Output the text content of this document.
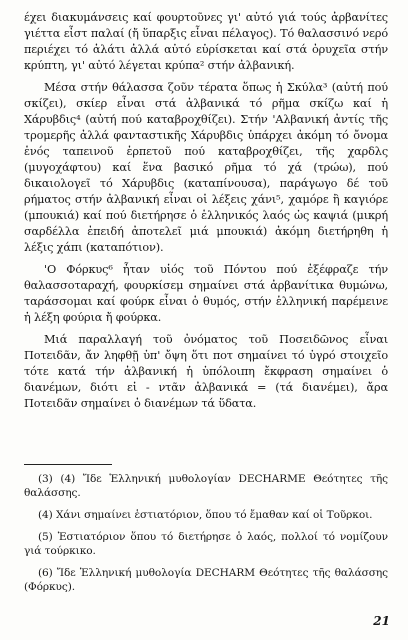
έχει διακυμάνσεις καί φουρτοῦνες γι' αὐτό γιά τούς ἀρβανίτες γιέττα εἶστ παλαί (ἤ ὕπαρξις εἶναι πέλαγος). Τό θαλασσινό νερό περιέχει τό ἁλάτι ἀλλά αὐτό εὑρίσκεται καί στά ὀρυχεῖα στήν κρύπτη, γι' αὐτό λέγεται κρύπα² στήν ἀλβανική.

Μέσα στήν θάλασσα ζοῦν τέρατα ὅπως ἡ Σκύλα³ (αὐτή πού σκίζει), σκίερ εἶναι στά ἀλβανικά τό ρῆμα σκίζω καί ἡ Χάρυβδις⁴ (αὐτή πού καταβροχθίζει). Στήν 'Αλβανική ἀντίς τῆς τρομερῆς ἀλλά φανταστικῆς Χάρυβδις ὑπάρχει ἀκόμη τό ὄνομα ἑνός ταπεινοῦ ἑρπετοῦ πού καταβροχθίζει, τῆς χαρδλς (μυγοχάφτου) καί ἕνα βασικό ρῆμα τό χά (τρώω), πού δικαιολογεῖ τό Χάρυβδις (καταπίνουσα), παράγωγο δέ τοῦ ρήματος στήν ἀλβανική εἶναι οἱ λέξεις χάνι⁵, χαμόρε ἢ καγιόρε (μπουκιά) καί πού διετήρησε ὁ ἑλληνικός λαός ὡς καψιά (μικρή σαρδέλλα ἐπειδή ἀποτελεῖ μιά μπουκιά) ἀκόμη διετήρηθη ἡ λέξις χάπι (καταπότιον).

'Ο Φόρκυς⁶ ἦταν υἱός τοῦ Πόντου πού ἐξέφραζε τήν θαλασσοταραχή, φουρκίσεμ σημαίνει στά ἀρβανίτικα θυμώνω, ταράσσομαι καί φούρκ εἶναι ὁ θυμός, στήν ἑλληνική παρέμεινε ἡ λέξη φούρια ἤ φούρκα.

Μιά παραλλαγή τοῦ ὀνόματος τοῦ Ποσειδῶνος εἶναι Ποτειδᾶν, ἄν ληφθῇ ὑπ' ὄψη ὅτι ποτ σημαίνει τό ὑγρό στοιχεῖο τότε κατά τήν ἀλβανική ἡ ὑπόλοιπη ἔκφραση σημαίνει ὁ διανέμων, διότι εἰ - ντᾶν ἀλβανικά = (τά διανέμει), ἄρα Ποτειδᾶν σημαίνει ὁ διανέμων τά ὕδατα.

(3) (4) Ἴδε Ἑλληνική μυθολογίαν DECHARME Θεότητες τῆς θαλάσσης.

(4) Χάνι σημαίνει ἑστιατόριον, ὅπου τό ἔμαθαν καί οἱ Τοῦρκοι.

(5) Ἑστιατόριον ὅπου τό διετήρησε ὁ λαός, πολλοί τό νομίζουν γιά τούρκικο.

(6) Ἴδε Ἑλληνική μυθολογία DECHARM Θεότητες τῆς θαλάσσης (Φόρκυς).

21
